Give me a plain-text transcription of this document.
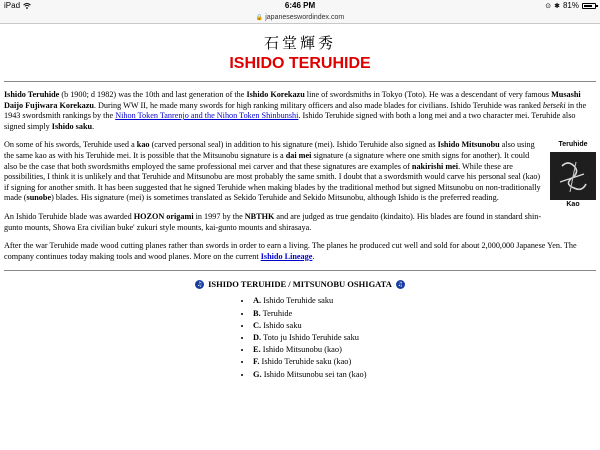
iPad	6:46 PM	⊙ ✱ 81%
🔒 japaneseswordindex.com
石堂輝秀
ISHIDO TERUHIDE

Ishido Teruhide (b 1900; d 1982) was the 10th and last generation of the Ishido Korekazu line of swordsmiths in Tokyo (Toto). He was a descendant of very famous Musashi Daijo Fujiwara Korekazu. During WW II, he made many swords for high ranking military officers and also made blades for civilians. Ishido Teruhide was ranked betseki in the 1943 swordsmith rankings by the Nihon Token Tanrenjo and the Nihon Token Shinbunshi. Ishido Teruhide signed with both a long mei and a two character mei. Teruhide also signed simply Ishido saku.

Teruhide
Kao
On some of his swords, Teruhide used a kao (carved personal seal) in addition to his signature (mei). Ishido Teruhide also signed as Ishido Mitsunobu also using the same kao as with his Teruhide mei. It is possible that the Mitsunobu signature is a dai mei signature (a signature where one smith signs for another). It could also be the case that both swordsmiths employed the same professional mei carver and that these signatures are examples of nakirishi mei. While these are possibilities, I think it is unlikely and that Teruhide and Mitsunobu are most probably the same smith. I doubt that a swordsmith would carve his personal seal (kao) if signing for another smith. It has been suggested that he signed Teruhide when making blades by the traditional method but signed Mitsunobu on non-traditionally made (sunobe) blades. His signature (mei) is sometimes translated as Sekido Teruhide and Sekido Mitsunobu, although Ishido is the preferred reading.

An Ishido Teruhide blade was awarded HOZON origami in 1997 by the NBTHK and are judged as true gendaito (kindaito). His blades are found in standard shin-gunto mounts, Showa Era civilian buke' zukuri style mounts, kai-gunto mounts and shirasaya.

After the war Teruhide made wood cutting planes rather than swords in order to earn a living. The planes he produced cut well and sold for about 2,000,000 Japanese Yen. The company continues today making tools and wood planes. More on the current Ishido Lineage.

♫ ISHIDO TERUHIDE / MITSUNOBU OSHIGATA ♫
• A. Ishido Teruhide saku
• B. Teruhide
• C. Ishido saku
• D. Toto ju Ishido Teruhide saku
• E. Ishido Mitsunobu (kao)
• F. Ishido Teruhide saku (kao)
• G. Ishido Mitsunobu sei tan (kao)
